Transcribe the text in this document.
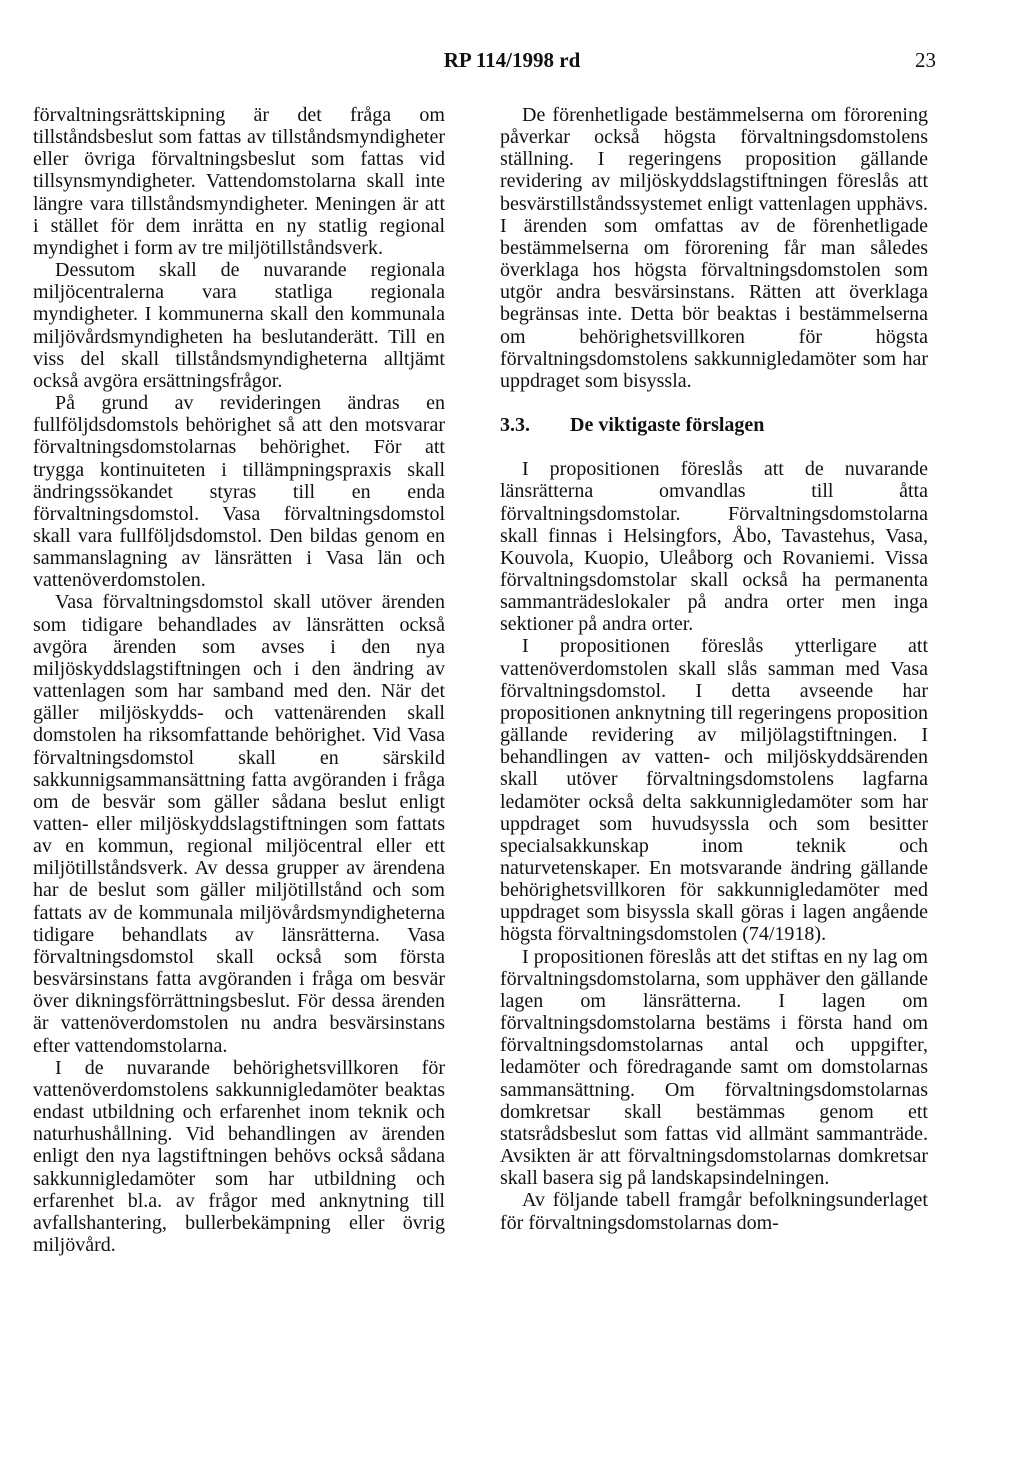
RP 114/1998 rd	23

förvaltningsrättskipning är det fråga om tillståndsbeslut som fattas av tillståndsmyndigheter eller övriga förvaltningsbeslut som fattas vid tillsynsmyndigheter. Vattendomstolarna skall inte längre vara tillståndsmyndigheter. Meningen är att i stället för dem inrätta en ny statlig regional myndighet i form av tre miljötillståndsverk.

Dessutom skall de nuvarande regionala miljöcentralerna vara statliga regionala myndigheter. I kommunerna skall den kommunala miljövårdsmyndigheten ha beslutanderätt. Till en viss del skall tillståndsmyndigheterna alltjämt också avgöra ersättningsfrågor.

På grund av revideringen ändras en fullföljdsdomstols behörighet så att den motsvarar förvaltningsdomstolarnas behörighet. För att trygga kontinuiteten i tillämpningspraxis skall ändringssökandet styras till en enda förvaltningsdomstol. Vasa förvaltningsdomstol skall vara fullföljdsdomstol. Den bildas genom en sammanslagning av länsrätten i Vasa län och vattenöverdomstolen.

Vasa förvaltningsdomstol skall utöver ärenden som tidigare behandlades av länsrätten också avgöra ärenden som avses i den nya miljöskyddslagstiftningen och i den ändring av vattenlagen som har samband med den. När det gäller miljöskydds- och vattenärenden skall domstolen ha riksomfattande behörighet. Vid Vasa förvaltningsdomstol skall en särskild sakkunnigsammansättning fatta avgöranden i fråga om de besvär som gäller sådana beslut enligt vatten- eller miljöskyddslagstiftningen som fattats av en kommun, regional miljöcentral eller ett miljötillståndsverk. Av dessa grupper av ärendena har de beslut som gäller miljötillstånd och som fattats av de kommunala miljövårdsmyndigheterna tidigare behandlats av länsrätterna. Vasa förvaltningsdomstol skall också som första besvärsinstans fatta avgöranden i fråga om besvär över dikningsförrättningsbeslut. För dessa ärenden är vattenöverdomstolen nu andra besvärsinstans efter vattendomstolarna.

I de nuvarande behörighetsvillkoren för vattenöverdomstolens sakkunnigledamöter beaktas endast utbildning och erfarenhet inom teknik och naturhushållning. Vid behandlingen av ärenden enligt den nya lagstiftningen behövs också sådana sakkunnigledamöter som har utbildning och erfarenhet bl.a. av frågor med anknytning till avfallshantering, bullerbekämpning eller övrig miljövård.

De förenhetligade bestämmelserna om förorening påverkar också högsta förvaltningsdomstolens ställning. I regeringens proposition gällande revidering av miljöskyddslagstiftningen föreslås att besvärstillståndssystemet enligt vattenlagen upphävs. I ärenden som omfattas av de förenhetligade bestämmelserna om förorening får man således överklaga hos högsta förvaltningsdomstolen som utgör andra besvärsinstans. Rätten att överklaga begränsas inte. Detta bör beaktas i bestämmelserna om behörighetsvillkoren för högsta förvaltningsdomstolens sakkunnigledamöter som har uppdraget som bisyssla.

3.3. De viktigaste förslagen

I propositionen föreslås att de nuvarande länsrätterna omvandlas till åtta förvaltningsdomstolar. Förvaltningsdomstolarna skall finnas i Helsingfors, Åbo, Tavastehus, Vasa, Kouvola, Kuopio, Uleåborg och Rovaniemi. Vissa förvaltningsdomstolar skall också ha permanenta sammanträdeslokaler på andra orter men inga sektioner på andra orter.

I propositionen föreslås ytterligare att vattenöverdomstolen skall slås samman med Vasa förvaltningsdomstol. I detta avseende har propositionen anknytning till regeringens proposition gällande revidering av miljölagstiftningen. I behandlingen av vatten- och miljöskyddsärenden skall utöver förvaltningsdomstolens lagfarna ledamöter också delta sakkunnigledamöter som har uppdraget som huvudsyssla och som besitter specialsakkunskap inom teknik och naturvetenskaper. En motsvarande ändring gällande behörighetsvillkoren för sakkunnigledamöter med uppdraget som bisyssla skall göras i lagen angående högsta förvaltningsdomstolen (74/1918).

I propositionen föreslås att det stiftas en ny lag om förvaltningsdomstolarna, som upphäver den gällande lagen om länsrätterna. I lagen om förvaltningsdomstolarna bestäms i första hand om förvaltningsdomstolarnas antal och uppgifter, ledamöter och föredragande samt om domstolarnas sammansättning. Om förvaltningsdomstolarnas domkretsar skall bestämmas genom ett statsrådsbeslut som fattas vid allmänt sammanträde. Avsikten är att förvaltningsdomstolarnas domkretsar skall basera sig på landskapsindelningen.

Av följande tabell framgår befolkningsunderlaget för förvaltningsdomstolarnas dom-
